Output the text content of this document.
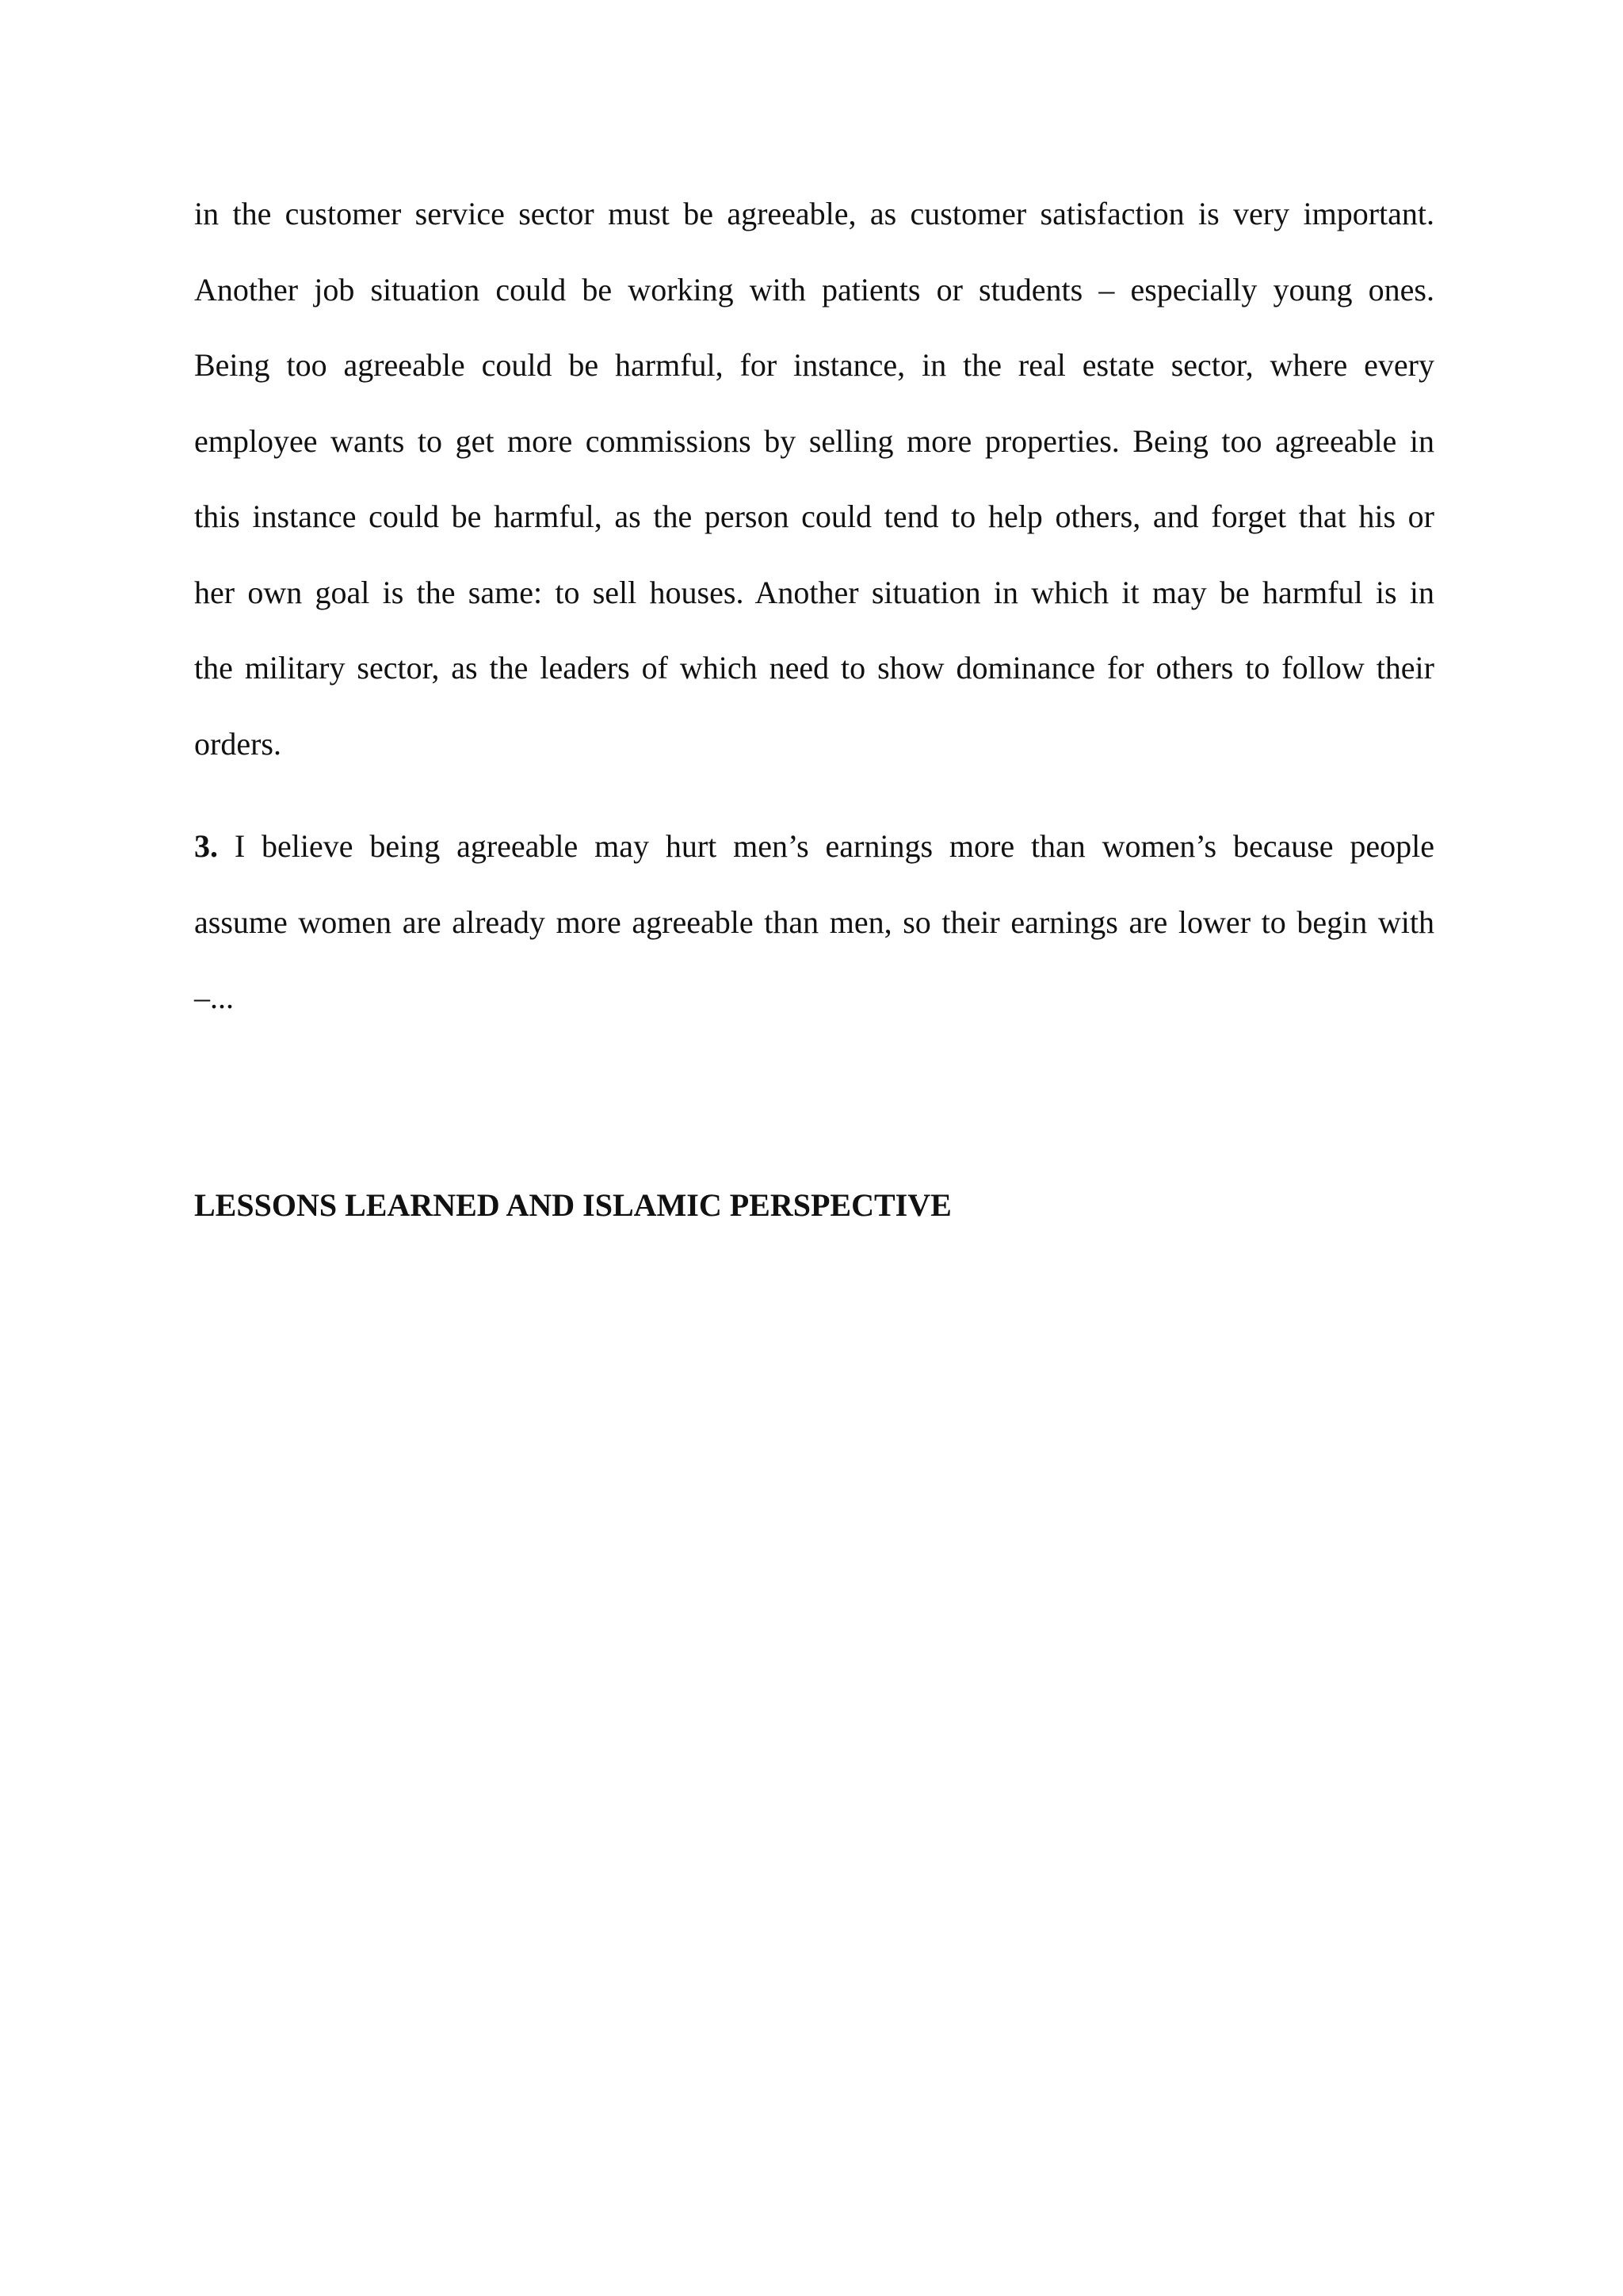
in the customer service sector must be agreeable, as customer satisfaction is very important.
Another job situation could be working with patients or students – especially young ones.
Being too agreeable could be harmful, for instance, in the real estate sector, where every
employee wants to get more commissions by selling more properties. Being too agreeable in
this instance could be harmful, as the person could tend to help others, and forget that his or
her own goal is the same: to sell houses. Another situation in which it may be harmful is in
the military sector, as the leaders of which need to show dominance for others to follow their
orders.
3. I believe being agreeable may hurt men’s earnings more than women’s because people
assume women are already more agreeable than men, so their earnings are lower to begin with
–...
LESSONS LEARNED AND ISLAMIC PERSPECTIVE
